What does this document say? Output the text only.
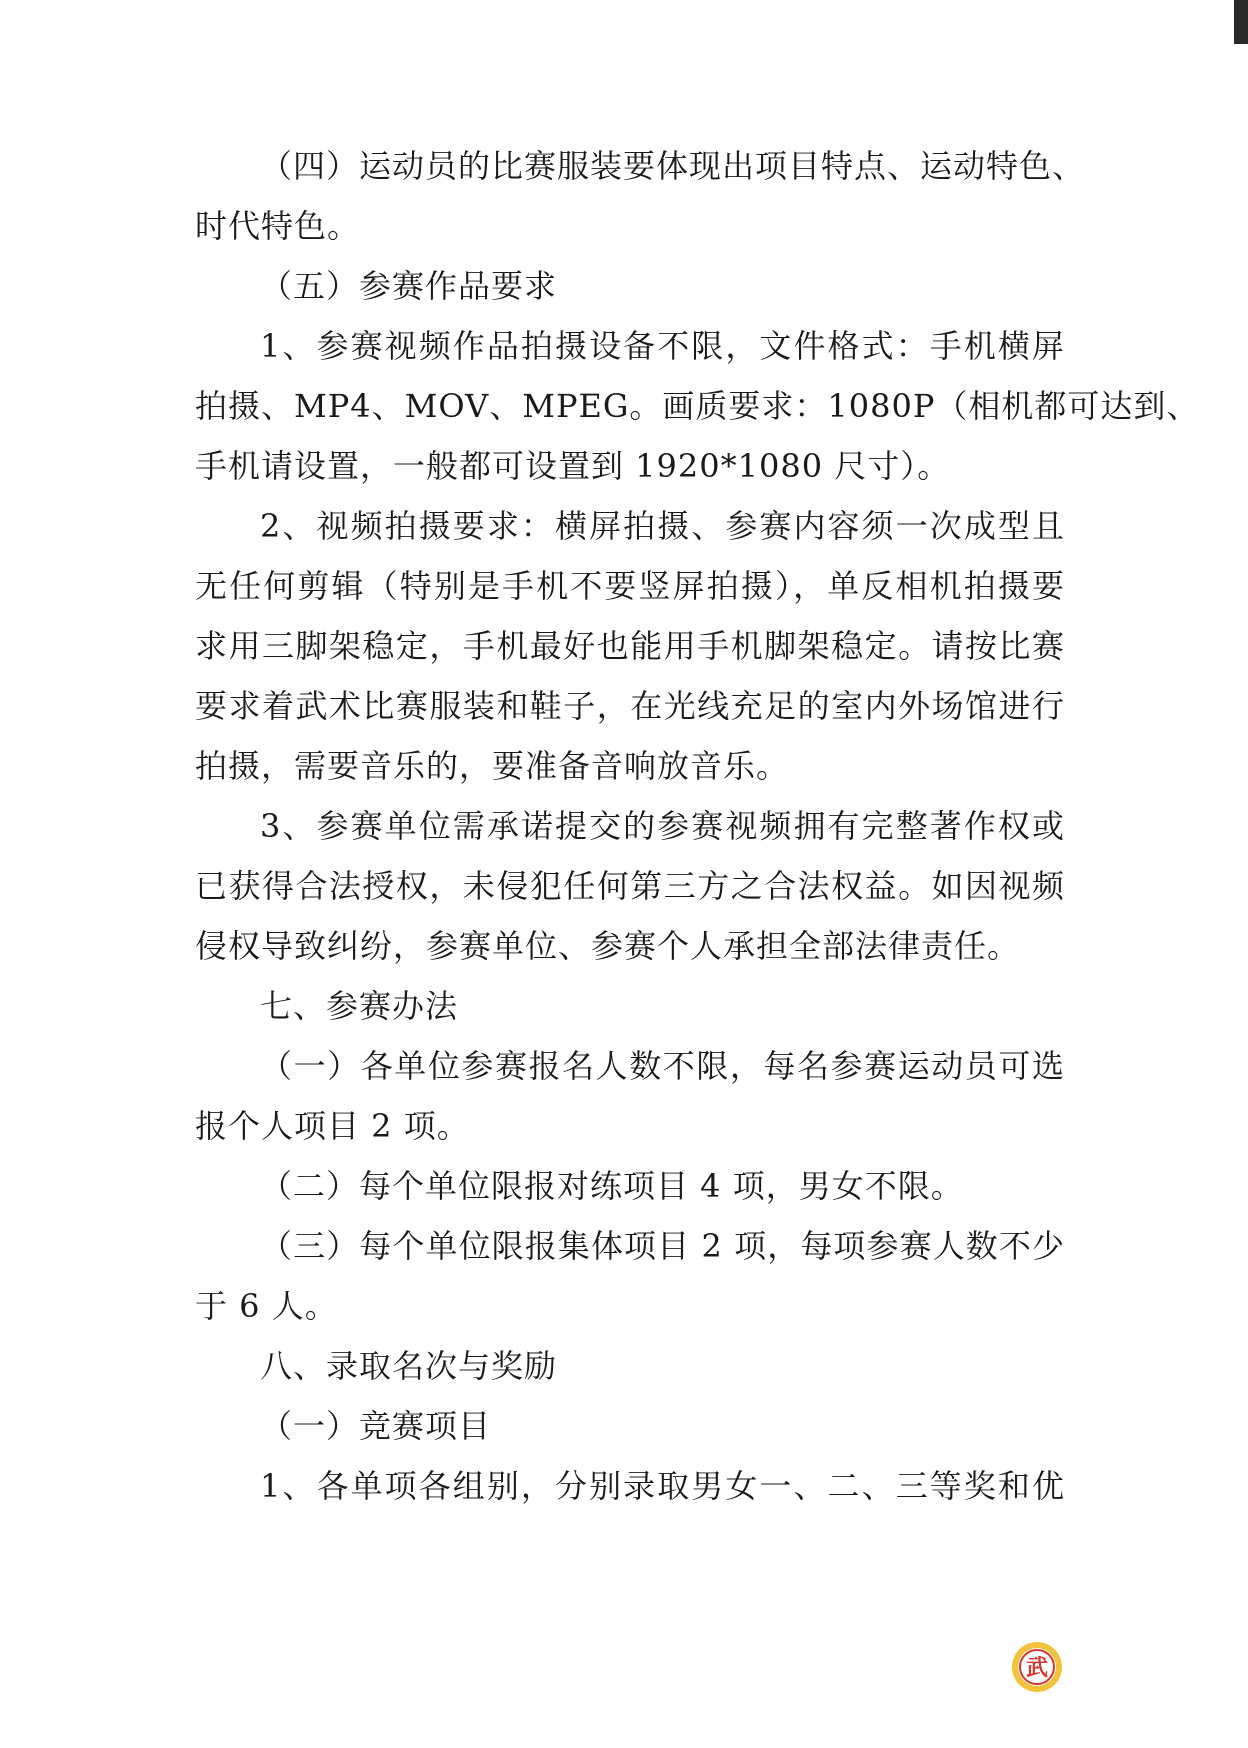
（四）运动员的比赛服装要体现出项目特点、运动特色、
时代特色。
（五）参赛作品要求
1、参赛视频作品拍摄设备不限，文件格式：手机横屏
拍摄、MP4、MOV、MPEG。画质要求：1080P（相机都可达到、
手机请设置，一般都可设置到 1920*1080 尺寸）。
2、视频拍摄要求：横屏拍摄、参赛内容须一次成型且
无任何剪辑（特别是手机不要竖屏拍摄），单反相机拍摄要
求用三脚架稳定，手机最好也能用手机脚架稳定。请按比赛
要求着武术比赛服装和鞋子，在光线充足的室内外场馆进行
拍摄，需要音乐的，要准备音响放音乐。
3、参赛单位需承诺提交的参赛视频拥有完整著作权或
已获得合法授权，未侵犯任何第三方之合法权益。如因视频
侵权导致纠纷，参赛单位、参赛个人承担全部法律责任。
七、参赛办法
（一）各单位参赛报名人数不限，每名参赛运动员可选
报个人项目 2 项。
（二）每个单位限报对练项目 4 项，男女不限。
（三）每个单位限报集体项目 2 项，每项参赛人数不少
于 6 人。
八、录取名次与奖励
（一）竞赛项目
1、各单项各组别，分别录取男女一、二、三等奖和优
武
